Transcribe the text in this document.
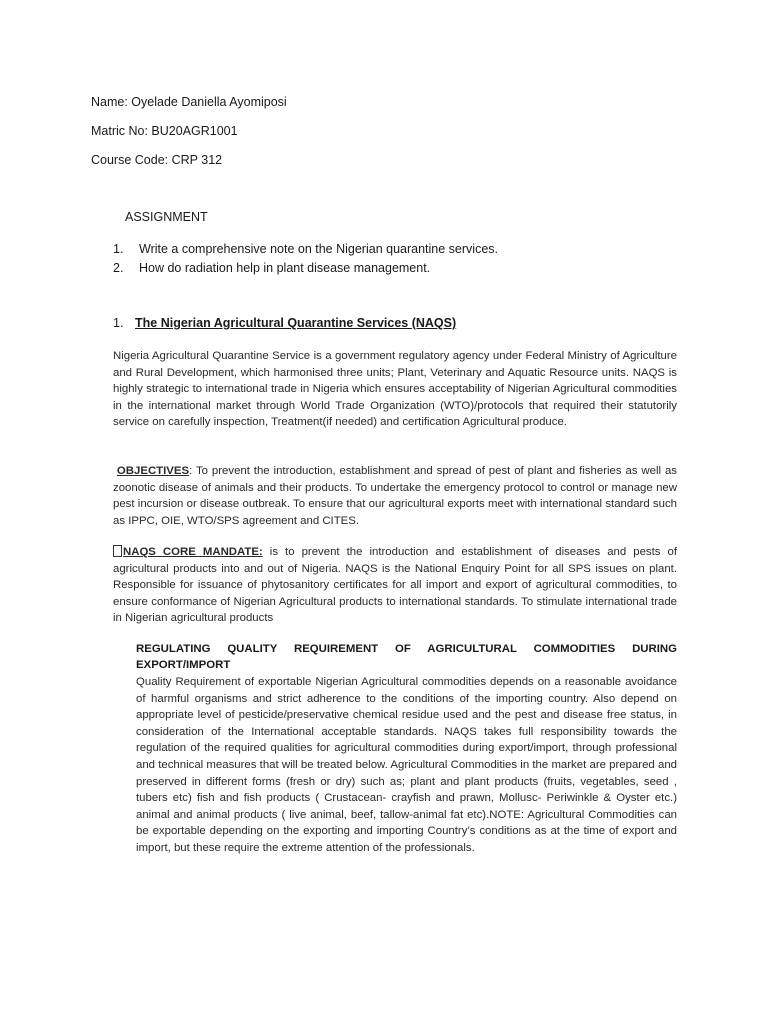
Name: Oyelade Daniella Ayomiposi
Matric No: BU20AGR1001
Course Code: CRP 312
ASSIGNMENT
1.	Write a comprehensive note on the Nigerian quarantine services.
2.	How do radiation help in plant disease management.
1. The Nigerian Agricultural Quarantine Services (NAQS)
Nigeria Agricultural Quarantine Service is a government regulatory agency under Federal Ministry of Agriculture and Rural Development, which harmonised three units; Plant, Veterinary and Aquatic Resource units. NAQS is highly strategic to international trade in Nigeria which ensures acceptability of Nigerian Agricultural commodities in the international market through World Trade Organization (WTO)/protocols that required their statutorily service on carefully inspection, Treatment(if needed) and certification Agricultural produce.
OBJECTIVES: To prevent the introduction, establishment and spread of pest of plant and fisheries as well as zoonotic disease of animals and their products. To undertake the emergency protocol to control or manage new pest incursion or disease outbreak. To ensure that our agricultural exports meet with international standard such as IPPC, OIE, WTO/SPS agreement and CITES.
NAQS CORE MANDATE: is to prevent the introduction and establishment of diseases and pests of agricultural products into and out of Nigeria. NAQS is the National Enquiry Point for all SPS issues on plant. Responsible for issuance of phytosanitory certificates for all import and export of agricultural commodities, to ensure conformance of Nigerian Agricultural products to international standards. To stimulate international trade in Nigerian agricultural products
REGULATING QUALITY REQUIREMENT OF AGRICULTURAL COMMODITIES DURING
EXPORT/IMPORT
Quality Requirement of exportable Nigerian Agricultural commodities depends on a reasonable avoidance of harmful organisms and strict adherence to the conditions of the importing country. Also depend on appropriate level of pesticide/preservative chemical residue used and the pest and disease free status, in consideration of the International acceptable standards. NAQS takes full responsibility towards the regulation of the required qualities for agricultural commodities during export/import, through professional and technical measures that will be treated below. Agricultural Commodities in the market are prepared and preserved in different forms (fresh or dry) such as; plant and plant products (fruits, vegetables, seed , tubers etc) fish and fish products ( Crustacean- crayfish and prawn, Mollusc- Periwinkle & Oyster etc.) animal and animal products ( live animal, beef, tallow-animal fat etc).NOTE: Agricultural Commodities can be exportable depending on the exporting and importing Country’s conditions as at the time of export and import, but these require the extreme attention of the professionals.
